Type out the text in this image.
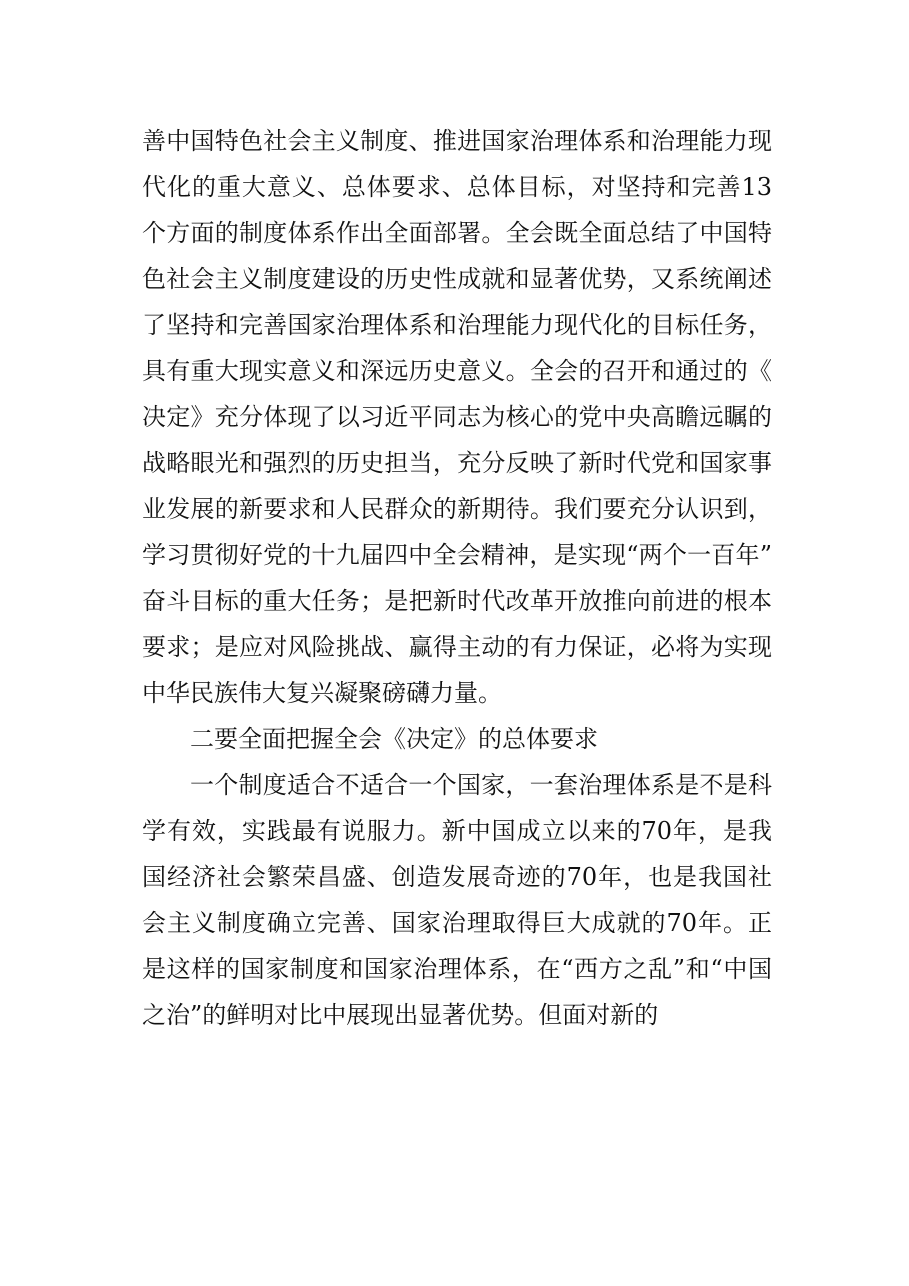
善中国特色社会主义制度、推进国家治理体系和治理能力现代化的重大意义、总体要求、总体目标，对坚持和完善13个方面的制度体系作出全面部署。全会既全面总结了中国特色社会主义制度建设的历史性成就和显著优势，又系统阐述了坚持和完善国家治理体系和治理能力现代化的目标任务，具有重大现实意义和深远历史意义。全会的召开和通过的《决定》充分体现了以习近平同志为核心的党中央高瞻远瞩的战略眼光和强烈的历史担当，充分反映了新时代党和国家事业发展的新要求和人民群众的新期待。我们要充分认识到，学习贯彻好党的十九届四中全会精神，是实现“两个一百年”奋斗目标的重大任务；是把新时代改革开放推向前进的根本要求；是应对风险挑战、赢得主动的有力保证，必将为实现中华民族伟大复兴凝聚磅礴力量。

二要全面把握全会《决定》的总体要求

一个制度适合不适合一个国家，一套治理体系是不是科学有效，实践最有说服力。新中国成立以来的70年，是我国经济社会繁荣昌盛、创造发展奇迹的70年，也是我国社会主义制度确立完善、国家治理取得巨大成就的70年。正是这样的国家制度和国家治理体系，在“西方之乱”和“中国之治”的鲜明对比中展现出显著优势。但面对新的
